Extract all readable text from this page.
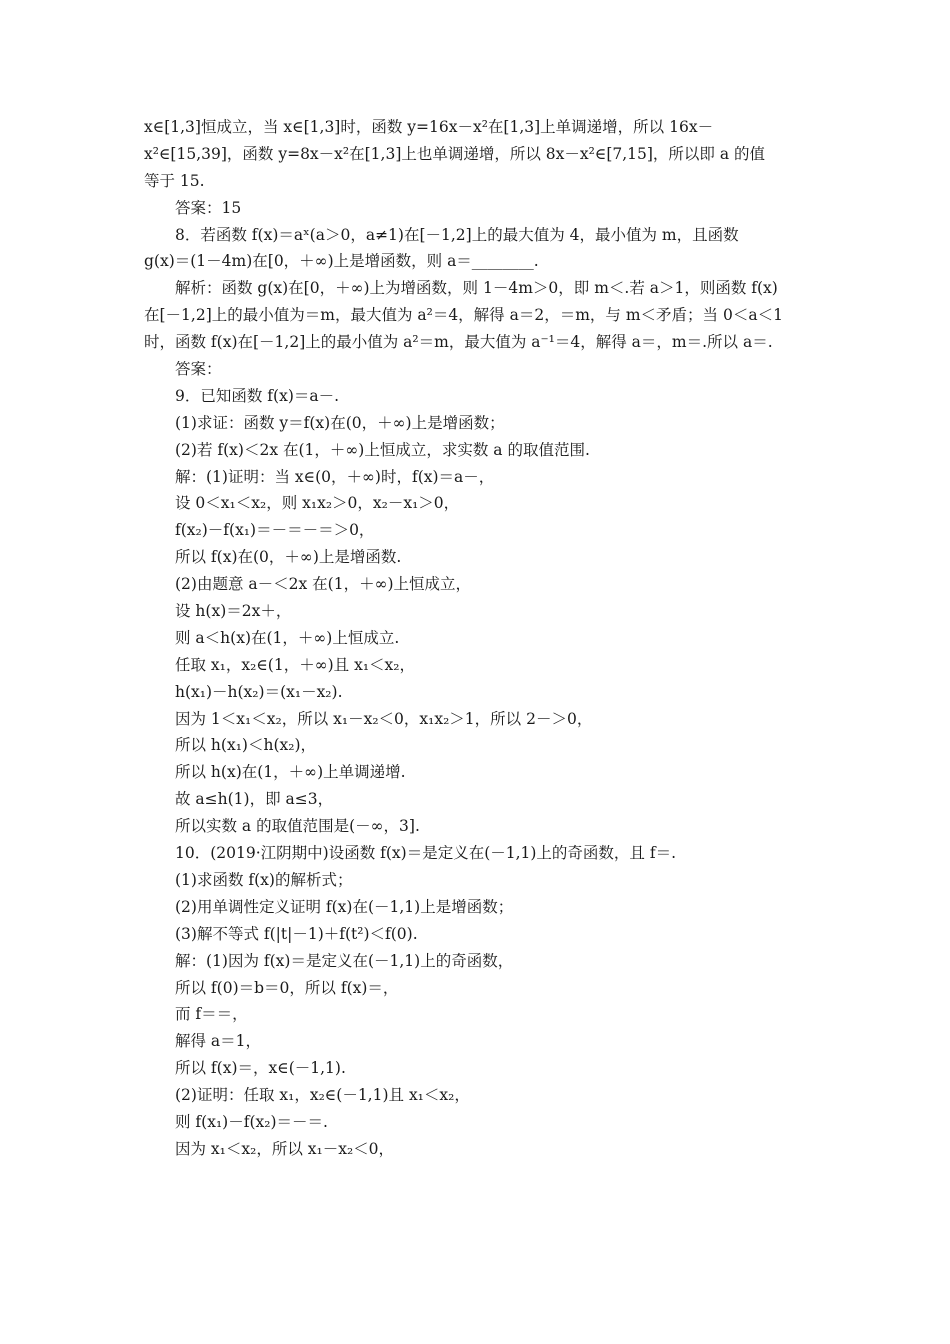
x∈[1,3]恒成立，当 x∈[1,3]时，函数 y=16x－x²在[1,3]上单调递增，所以 16x－
x²∈[15,39]，函数 y=8x－x²在[1,3]上也单调递增，所以 8x－x²∈[7,15]，所以即 a 的值
等于 15.
答案：15
8．若函数 f(x)＝aˣ(a＞0，a≠1)在[－1,2]上的最大值为 4，最小值为 m，且函数
g(x)＝(1－4m)在[0，＋∞)上是增函数，则 a＝________.
解析：函数 g(x)在[0，＋∞)上为增函数，则 1－4m＞0，即 m＜.若 a＞1，则函数 f(x)
在[－1,2]上的最小值为＝m，最大值为 a²＝4，解得 a＝2，＝m，与 m＜矛盾；当 0＜a＜1
时，函数 f(x)在[－1,2]上的最小值为 a²＝m，最大值为 a⁻¹＝4，解得 a＝，m＝.所以 a＝.
答案：
9．已知函数 f(x)＝a－.
(1)求证：函数 y＝f(x)在(0，＋∞)上是增函数；
(2)若 f(x)＜2x 在(1，＋∞)上恒成立，求实数 a 的取值范围.
解：(1)证明：当 x∈(0，＋∞)时，f(x)＝a－，
设 0＜x₁＜x₂，则 x₁x₂＞0，x₂－x₁＞0，
f(x₂)－f(x₁)＝－＝－＝＞0，
所以 f(x)在(0，＋∞)上是增函数.
(2)由题意 a－＜2x 在(1，＋∞)上恒成立，
设 h(x)＝2x＋，
则 a＜h(x)在(1，＋∞)上恒成立.
任取 x₁，x₂∈(1，＋∞)且 x₁＜x₂，
h(x₁)－h(x₂)＝(x₁－x₂).
因为 1＜x₁＜x₂，所以 x₁－x₂＜0，x₁x₂＞1，所以 2－＞0，
所以 h(x₁)＜h(x₂)，
所以 h(x)在(1，＋∞)上单调递增.
故 a≤h(1)，即 a≤3，
所以实数 a 的取值范围是(－∞，3].
10．(2019·江阴期中)设函数 f(x)＝是定义在(－1,1)上的奇函数，且 f＝.
(1)求函数 f(x)的解析式；
(2)用单调性定义证明 f(x)在(－1,1)上是增函数；
(3)解不等式 f(|t|－1)＋f(t²)＜f(0).
解：(1)因为 f(x)＝是定义在(－1,1)上的奇函数，
所以 f(0)＝b＝0，所以 f(x)＝，
而 f＝＝，
解得 a＝1，
所以 f(x)＝，x∈(－1,1).
(2)证明：任取 x₁，x₂∈(－1,1)且 x₁＜x₂，
则 f(x₁)－f(x₂)＝－＝.
因为 x₁＜x₂，所以 x₁－x₂＜0，
